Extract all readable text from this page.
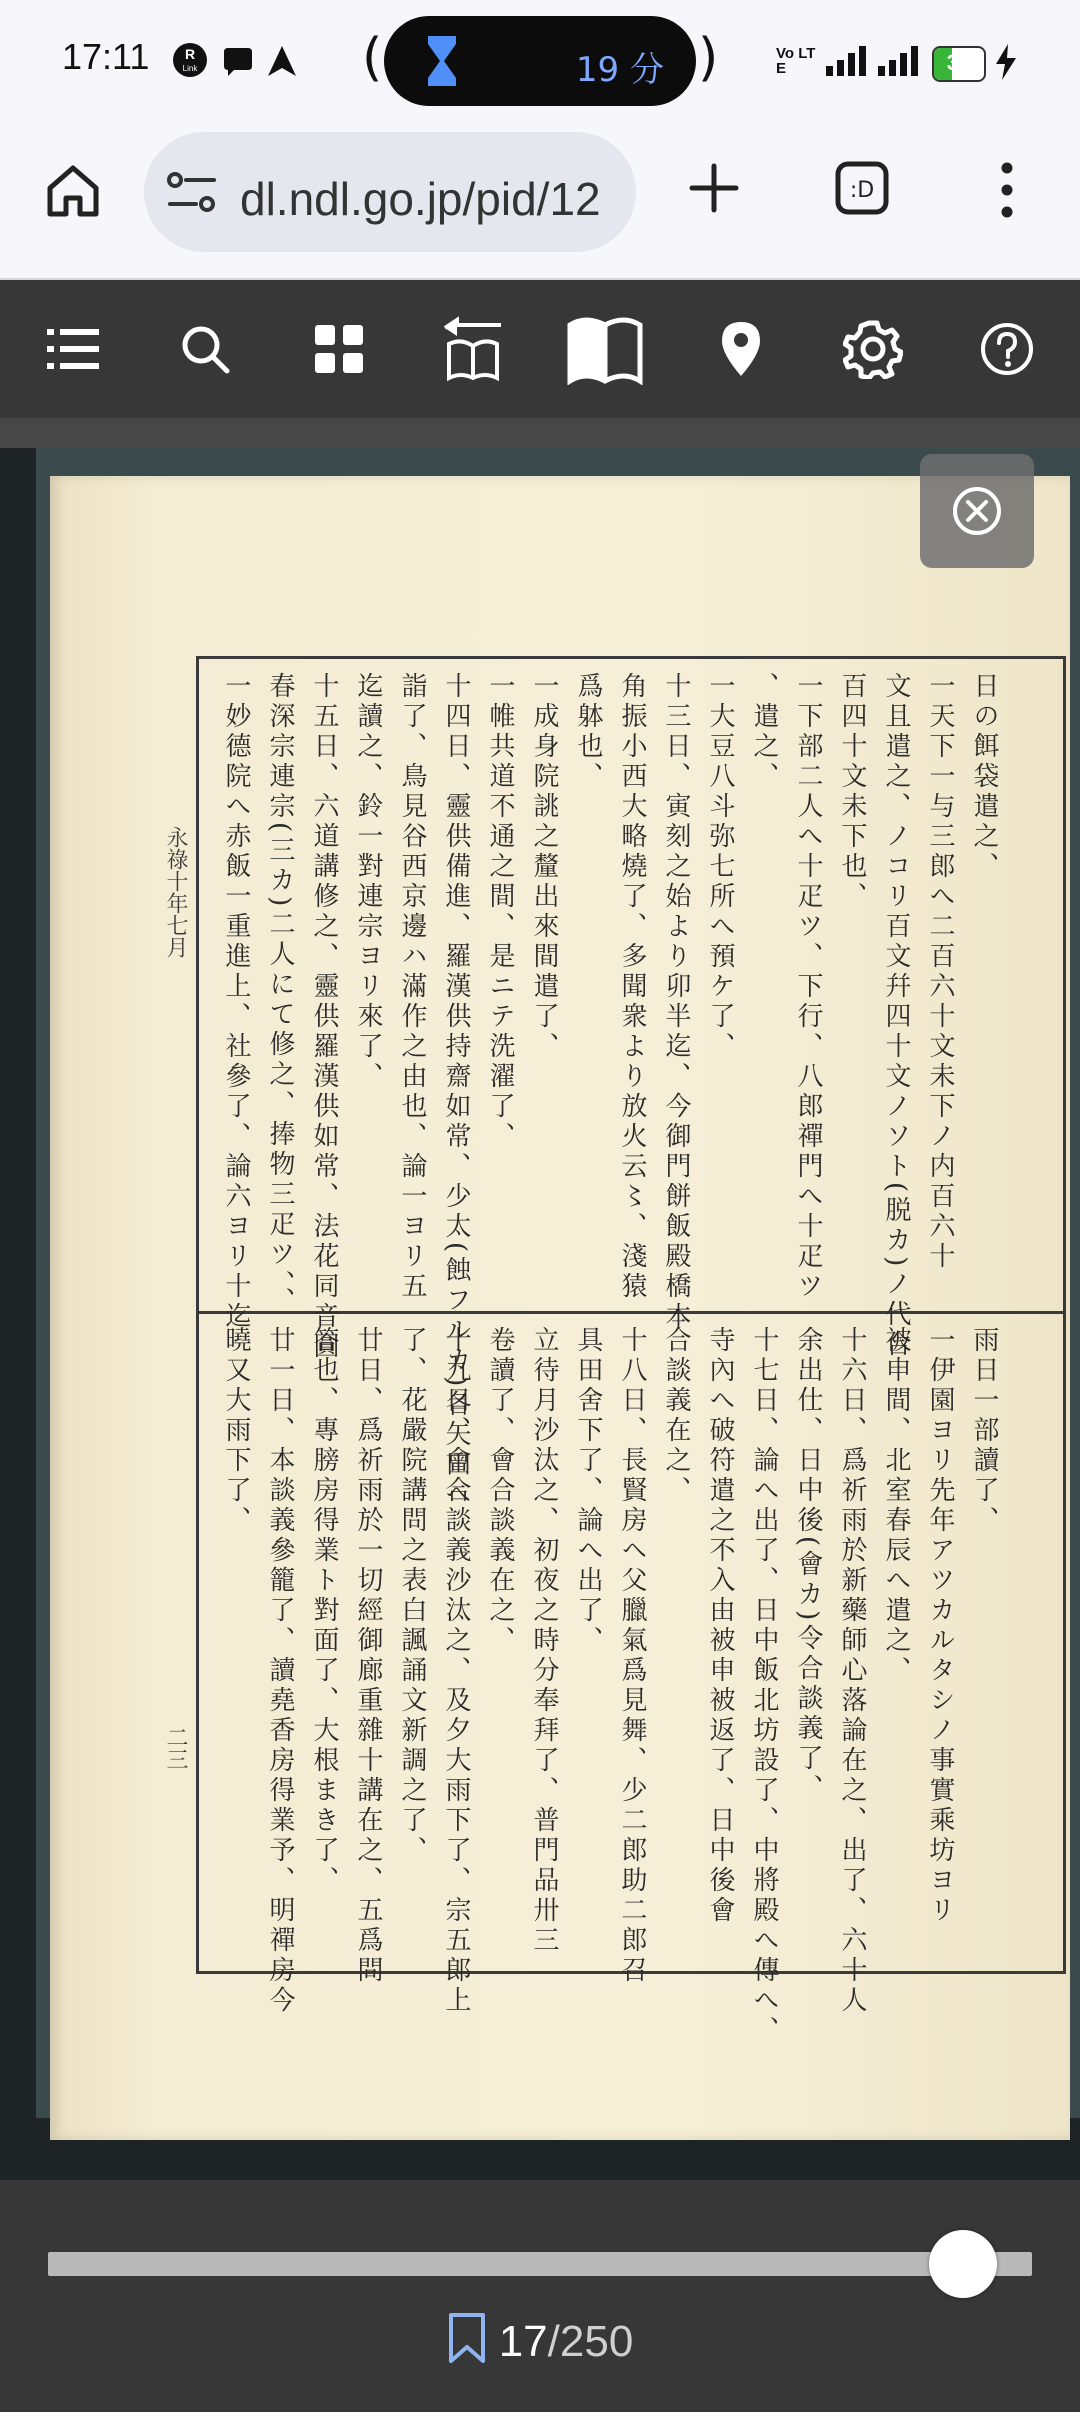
17:11	R
Link	(	19 分 )	Vo LTE	35
dl.ndl.go.jp/pid/12	:D
日の餌袋遣之、
一天下一与三郎へ二百六十文未下ノ内百六十
文且遣之、ノコリ百文幷四十文ノソト(脱カ)ノ代合
百四十文未下也、
一下部二人へ十疋ツ、下行、八郎禪門へ十疋ツ
、遣之、
一大豆八斗弥七所へ預ケ了、
十三日、寅刻之始より卯半迄、今御門餅飯殿橋本
角振小西大略燒了、多聞衆より放火云〻、淺猿
爲躰也、
一成身院誂之釐出來間遣了、
一帷共道不通之間、是ニテ洗濯了、
十四日、靈供備進、羅漢供持齋如常、少太(蝕フルカ)各矢田へ
詣了、鳥見谷西京邊ハ滿作之由也、論一ヨリ五
迄讀之、鈴一對連宗ヨリ來了、
十五日、六道講修之、靈供羅漢供如常、法花同音圓
春深宗連宗(三カ)二人にて修之、捧物三疋ツ、、
一妙德院へ赤飯一重進上、社參了、論六ヨリ十迄
雨日一部讀了、
一伊園ヨリ先年アツカルタシノ事實乘坊ヨリ
被申間、北室春辰へ遣之、
十六日、爲祈雨於新藥師心落論在之、出了、六十人
余出仕、日中後(會カ)令合談義了、
十七日、論へ出了、日中飯北坊設了、中將殿へ傳へ、
寺內へ破符遣之不入由被申被返了、日中後會
合談義在之、
十八日、長賢房ヘ父臘氣爲見舞、少二郎助二郎召
具田舍下了、論へ出了、
立待月沙汰之、初夜之時分奉拜了、普門品卅三
卷讀了、會合談義在之、
十九日、會合談義沙汰之、及夕大雨下了、宗五郎上
了、花嚴院講問之表白諷誦文新調之了、
廿日、爲祈雨於一切經御廊重雜十講在之、五爲問
答也、專膀房得業ト對面了、大根まき了、
廿一日、本談義參籠了、讀堯香房得業予、明禪房今
曉又大雨下了、
永祿十年七月
二三
17/250
